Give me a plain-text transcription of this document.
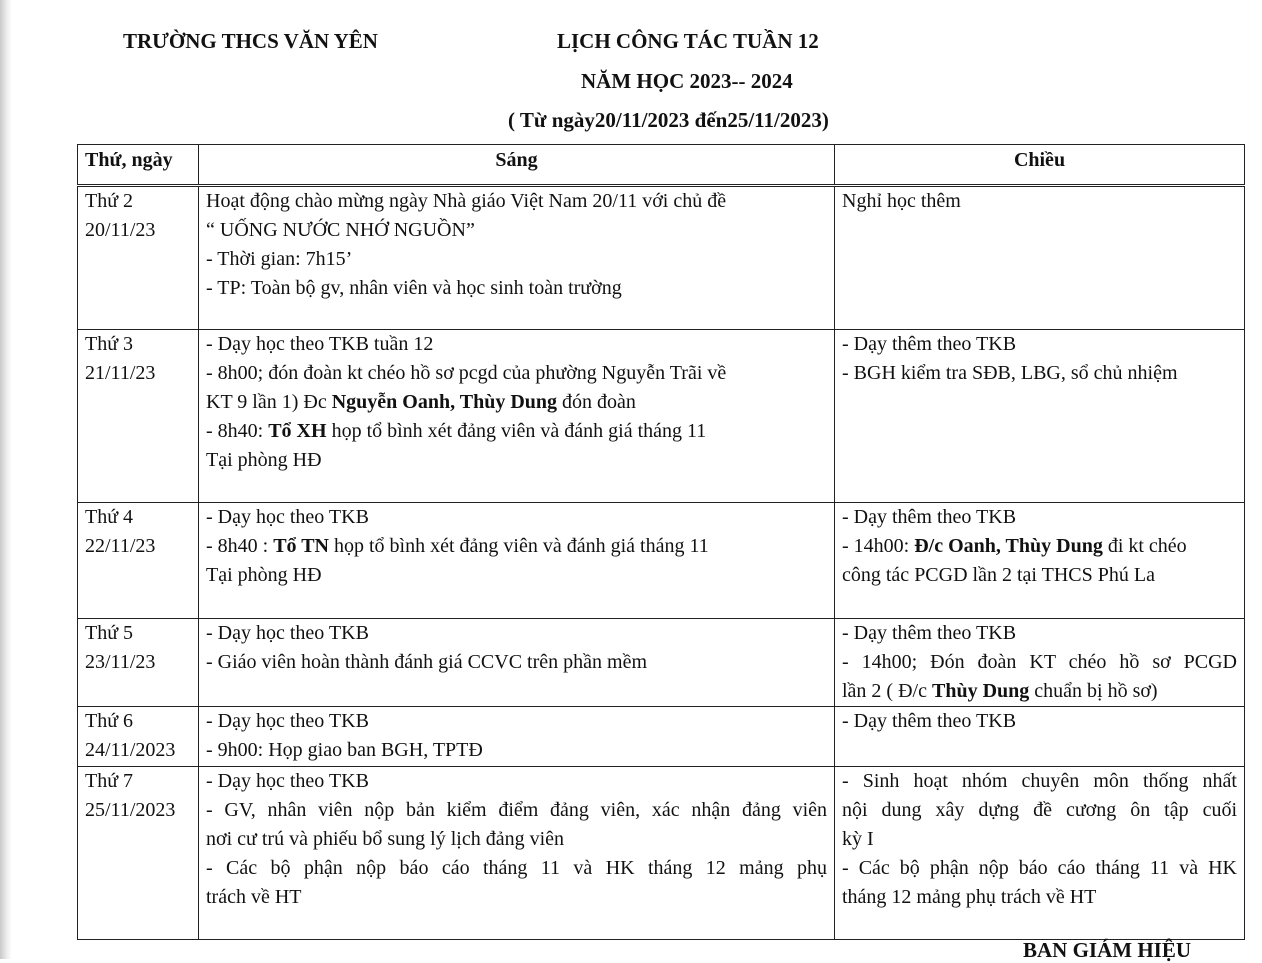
TRƯỜNG THCS VĂN YÊN	LỊCH CÔNG TÁC TUẦN 12
NĂM HỌC 2023-- 2024
( Từ ngày20/11/2023 đến25/11/2023)
Thứ, ngày	Sáng	Chiều

Thứ 2
20/11/23	Hoạt động chào mừng ngày Nhà giáo Việt Nam 20/11 với chủ đề
“ UỐNG NƯỚC NHỚ NGUỒN”
- Thời gian: 7h15’
- TP: Toàn bộ gv, nhân viên và học sinh toàn trường	Nghỉ học thêm

Thứ 3
21/11/23	- Dạy học theo TKB tuần 12
- 8h00; đón đoàn kt chéo hồ sơ pcgd của phường Nguyễn Trãi về
KT 9 lần 1) Đc Nguyễn Oanh, Thùy Dung đón đoàn
- 8h40: Tổ XH họp tổ bình xét đảng viên và đánh giá tháng 11
Tại phòng HĐ	- Dạy thêm theo TKB
- BGH kiểm tra SĐB, LBG, sổ chủ nhiệm

Thứ 4
22/11/23	- Dạy học theo TKB
- 8h40 : Tổ TN họp tổ bình xét đảng viên và đánh giá tháng 11
Tại phòng HĐ	- Dạy thêm theo TKB
- 14h00: Đ/c Oanh, Thùy Dung đi kt chéo
công tác PCGD lần 2 tại THCS Phú La

Thứ 5
23/11/23	- Dạy học theo TKB
- Giáo viên hoàn thành đánh giá CCVC trên phần mềm	- Dạy thêm theo TKB
- 14h00; Đón đoàn KT chéo hồ sơ PCGD
lần 2 ( Đ/c Thùy Dung chuẩn bị hồ sơ)

Thứ 6
24/11/2023	- Dạy học theo TKB
- 9h00: Họp giao ban BGH, TPTĐ	- Dạy thêm theo TKB

Thứ 7
25/11/2023	- Dạy học theo TKB
- GV, nhân viên nộp bản kiểm điểm đảng viên, xác nhận đảng viên
nơi cư trú và phiếu bổ sung lý lịch đảng viên
- Các bộ phận nộp báo cáo tháng 11 và HK tháng 12 mảng phụ
trách về HT	- Sinh hoạt nhóm chuyên môn thống nhất
nội dung xây dựng đề cương ôn tập cuối
kỳ I
- Các bộ phận nộp báo cáo tháng 11 và HK
tháng 12 mảng phụ trách về HT
BAN GIÁM HIỆU
